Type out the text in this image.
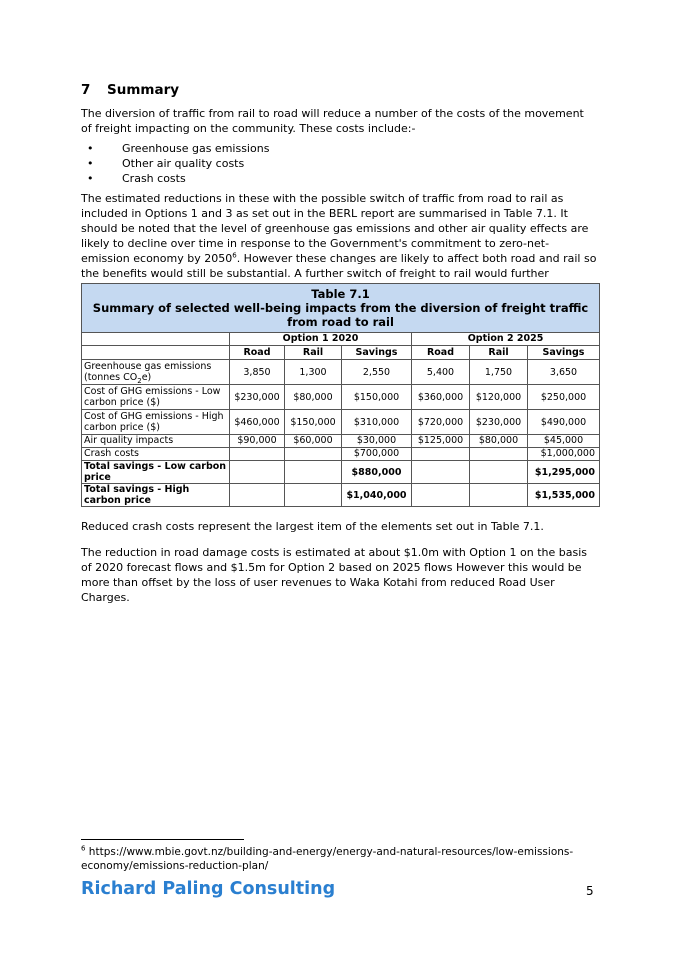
7 Summary

The diversion of traffic from rail to road will reduce a number of the costs of the movement of freight impacting on the community. These costs include:-

•	Greenhouse gas emissions
•	Other air quality costs
•	Crash costs

The estimated reductions in these with the possible switch of traffic from road to rail as included in Options 1 and 3 as set out in the BERL report are summarised in Table 7.1. It should be noted that the level of greenhouse gas emissions and other air quality effects are likely to decline over time in response to the Government's commitment to zero-net-emission economy by 2050$^6$. However these changes are likely to affect both road and rail so the benefits would still be substantial. A further switch of freight to rail would further

Table 7.1
Summary of selected well-being impacts from the diversion of freight traffic from road to rail						

	Option 1 2020			Option 2 2025		
	Road	Rail	Savings	Road	Rail	Savings
Greenhouse gas emissions (tonnes $CO_2e$)	3,850	1,300	2,550	5,400	1,750	3,650
Cost of GHG emissions - Low carbon price ($)	$230,000	$80,000	$150,000	$360,000	$120,000	$250,000
Cost of GHG emissions - High carbon price ($)	$460,000	$150,000	$310,000	$720,000	$230,000	$490,000
Air quality impacts	$90,000	$60,000	$30,000	$125,000	$80,000	$45,000
Crash costs			$700,000			$1,000,000
Total savings - Low carbon price			$880,000			$1,295,000
Total savings - High carbon price			$1,040,000			$1,535,000

Reduced crash costs represent the largest item of the elements set out in Table 7.1.

The reduction in road damage costs is estimated at about $1.0m with Option 1 on the basis of 2020 forecast flows and $1.5m for Option 2 based on 2025 flows However this would be more than offset by the loss of user revenues to Waka Kotahi from reduced Road User Charges.

$^6$ https://www.mbie.govt.nz/building-and-energy/energy-and-natural-resources/low-emissions-economy/emissions-reduction-plan/

Richard Paling Consulting	5
